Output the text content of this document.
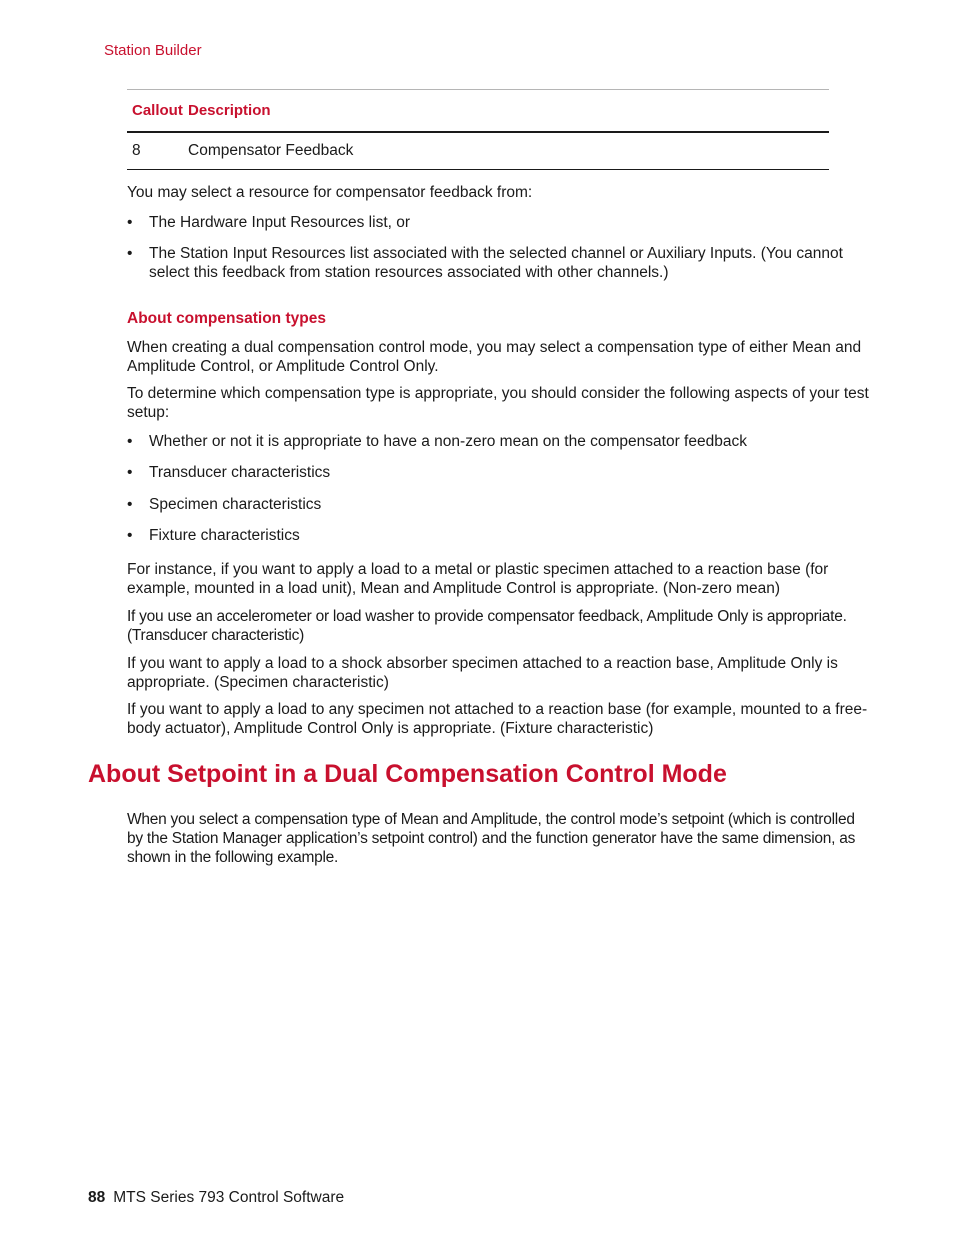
Station Builder
Callout Description
8	Compensator Feedback
You may select a resource for compensator feedback from:
•	The Hardware Input Resources list, or
•	The Station Input Resources list associated with the selected channel or Auxiliary Inputs. (You cannot select this feedback from station resources associated with other channels.)
About compensation types
When creating a dual compensation control mode, you may select a compensation type of either Mean and Amplitude Control, or Amplitude Control Only.
To determine which compensation type is appropriate, you should consider the following aspects of your test setup:
•	Whether or not it is appropriate to have a non-zero mean on the compensator feedback
•	Transducer characteristics
•	Specimen characteristics
•	Fixture characteristics
For instance, if you want to apply a load to a metal or plastic specimen attached to a reaction base (for example, mounted in a load unit), Mean and Amplitude Control is appropriate. (Non-zero mean)
If you use an accelerometer or load washer to provide compensator feedback, Amplitude Only is appropriate. (Transducer characteristic)
If you want to apply a load to a shock absorber specimen attached to a reaction base, Amplitude Only is appropriate. (Specimen characteristic)
If you want to apply a load to any specimen not attached to a reaction base (for example, mounted to a free-body actuator), Amplitude Control Only is appropriate. (Fixture characteristic)
About Setpoint in a Dual Compensation Control Mode
When you select a compensation type of Mean and Amplitude, the control mode’s setpoint (which is controlled by the Station Manager application’s setpoint control) and the function generator have the same dimension, as shown in the following example.
88 MTS Series 793 Control Software
